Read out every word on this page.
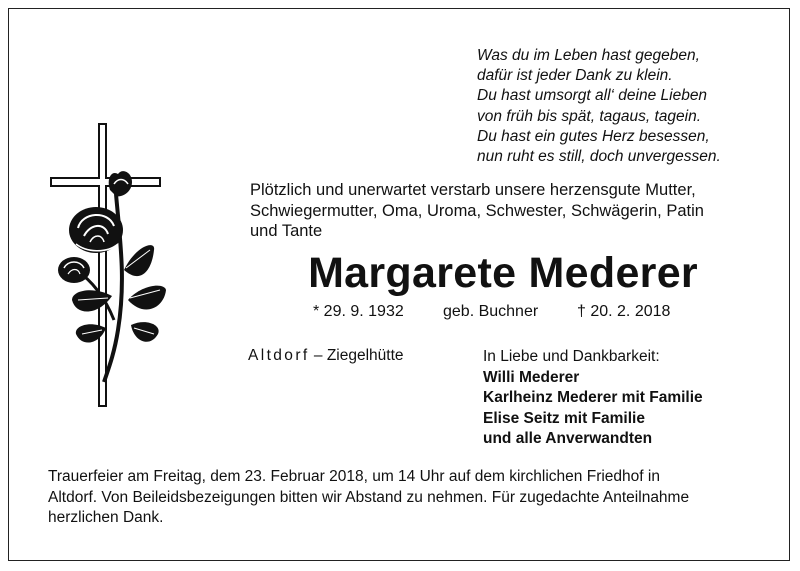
Was du im Leben hast gegeben,
dafür ist jeder Dank zu klein.
Du hast umsorgt all‘ deine Lieben
von früh bis spät, tagaus, tagein.
Du hast ein gutes Herz besessen,
nun ruht es still, doch unvergessen.
Plötzlich und unerwartet verstarb unsere herzensgute Mutter,
Schwiegermutter, Oma, Uroma, Schwester, Schwägerin, Patin
und Tante
Margarete Mederer
* 29. 9. 1932 geb. Buchner † 20. 2. 2018
Altdorf – Ziegelhütte	In Liebe und Dankbarkeit:
Willi Mederer
Karlheinz Mederer mit Familie
Elise Seitz mit Familie
und alle Anverwandten
Trauerfeier am Freitag, dem 23. Februar 2018, um 14 Uhr auf dem kirchlichen Friedhof in
Altdorf. Von Beileidsbezeigungen bitten wir Abstand zu nehmen. Für zugedachte Anteilnahme
herzlichen Dank.
